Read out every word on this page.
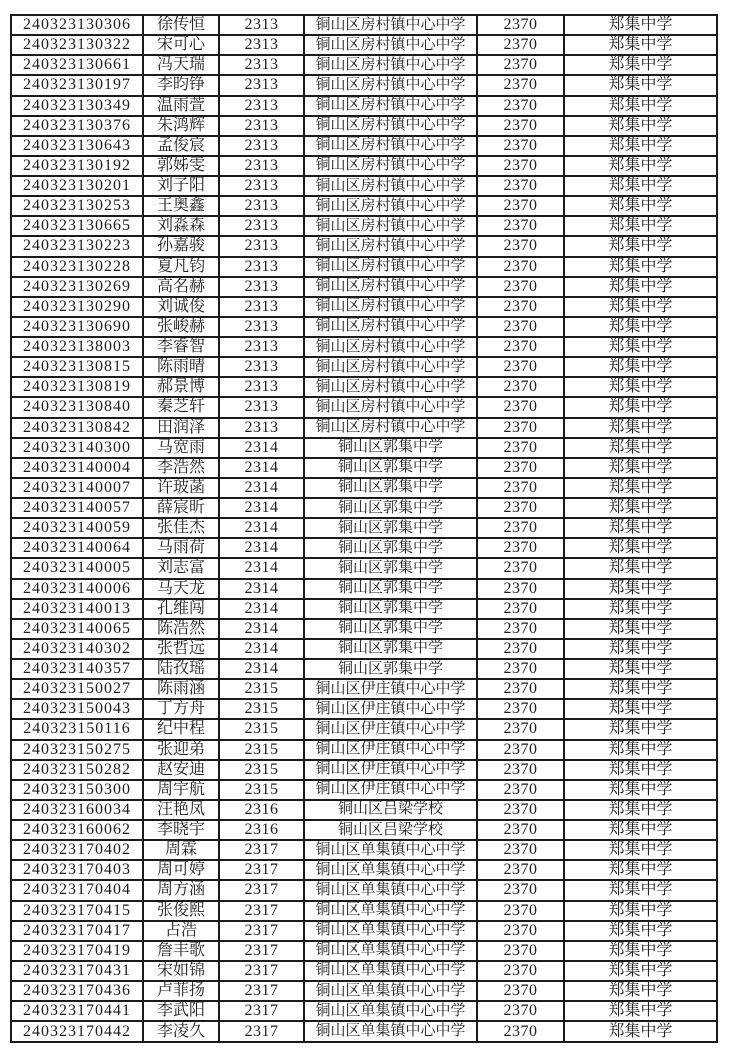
240323130306	徐传恒	2313	铜山区房村镇中心中学	2370	郑集中学
240323130322	宋可心	2313	铜山区房村镇中心中学	2370	郑集中学
240323130661	冯天瑞	2313	铜山区房村镇中心中学	2370	郑集中学
240323130197	李昀铮	2313	铜山区房村镇中心中学	2370	郑集中学
240323130349	温雨萱	2313	铜山区房村镇中心中学	2370	郑集中学
240323130376	朱鸿辉	2313	铜山区房村镇中心中学	2370	郑集中学
240323130643	孟俊宸	2313	铜山区房村镇中心中学	2370	郑集中学
240323130192	郭姊雯	2313	铜山区房村镇中心中学	2370	郑集中学
240323130201	刘子阳	2313	铜山区房村镇中心中学	2370	郑集中学
240323130253	王奥鑫	2313	铜山区房村镇中心中学	2370	郑集中学
240323130665	刘淼森	2313	铜山区房村镇中心中学	2370	郑集中学
240323130223	孙嘉骏	2313	铜山区房村镇中心中学	2370	郑集中学
240323130228	夏凡钧	2313	铜山区房村镇中心中学	2370	郑集中学
240323130269	高名赫	2313	铜山区房村镇中心中学	2370	郑集中学
240323130290	刘诚俊	2313	铜山区房村镇中心中学	2370	郑集中学
240323130690	张峻赫	2313	铜山区房村镇中心中学	2370	郑集中学
240323138003	李睿智	2313	铜山区房村镇中心中学	2370	郑集中学
240323130815	陈雨晴	2313	铜山区房村镇中心中学	2370	郑集中学
240323130819	郝景博	2313	铜山区房村镇中心中学	2370	郑集中学
240323130840	秦芝轩	2313	铜山区房村镇中心中学	2370	郑集中学
240323130842	田润泽	2313	铜山区房村镇中心中学	2370	郑集中学
240323140300	马宽雨	2314	铜山区郭集中学	2370	郑集中学
240323140004	李浩然	2314	铜山区郭集中学	2370	郑集中学
240323140007	许玻菡	2314	铜山区郭集中学	2370	郑集中学
240323140057	薛宸昕	2314	铜山区郭集中学	2370	郑集中学
240323140059	张佳杰	2314	铜山区郭集中学	2370	郑集中学
240323140064	马雨荷	2314	铜山区郭集中学	2370	郑集中学
240323140005	刘志富	2314	铜山区郭集中学	2370	郑集中学
240323140006	马天龙	2314	铜山区郭集中学	2370	郑集中学
240323140013	孔维闯	2314	铜山区郭集中学	2370	郑集中学
240323140065	陈浩然	2314	铜山区郭集中学	2370	郑集中学
240323140302	张哲远	2314	铜山区郭集中学	2370	郑集中学
240323140357	陆孜瑶	2314	铜山区郭集中学	2370	郑集中学
240323150027	陈雨涵	2315	铜山区伊庄镇中心中学	2370	郑集中学
240323150043	丁方舟	2315	铜山区伊庄镇中心中学	2370	郑集中学
240323150116	纪中程	2315	铜山区伊庄镇中心中学	2370	郑集中学
240323150275	张迎弟	2315	铜山区伊庄镇中心中学	2370	郑集中学
240323150282	赵安迪	2315	铜山区伊庄镇中心中学	2370	郑集中学
240323150300	周宇航	2315	铜山区伊庄镇中心中学	2370	郑集中学
240323160034	汪艳凤	2316	铜山区吕梁学校	2370	郑集中学
240323160062	李晓宇	2316	铜山区吕梁学校	2370	郑集中学
240323170402	周霖	2317	铜山区单集镇中心中学	2370	郑集中学
240323170403	周可婷	2317	铜山区单集镇中心中学	2370	郑集中学
240323170404	周方涵	2317	铜山区单集镇中心中学	2370	郑集中学
240323170415	张俊熙	2317	铜山区单集镇中心中学	2370	郑集中学
240323170417	占浩	2317	铜山区单集镇中心中学	2370	郑集中学
240323170419	詹丰歌	2317	铜山区单集镇中心中学	2370	郑集中学
240323170431	宋如锦	2317	铜山区单集镇中心中学	2370	郑集中学
240323170436	卢菲扬	2317	铜山区单集镇中心中学	2370	郑集中学
240323170441	李武阳	2317	铜山区单集镇中心中学	2370	郑集中学
240323170442	李凌久	2317	铜山区单集镇中心中学	2370	郑集中学
